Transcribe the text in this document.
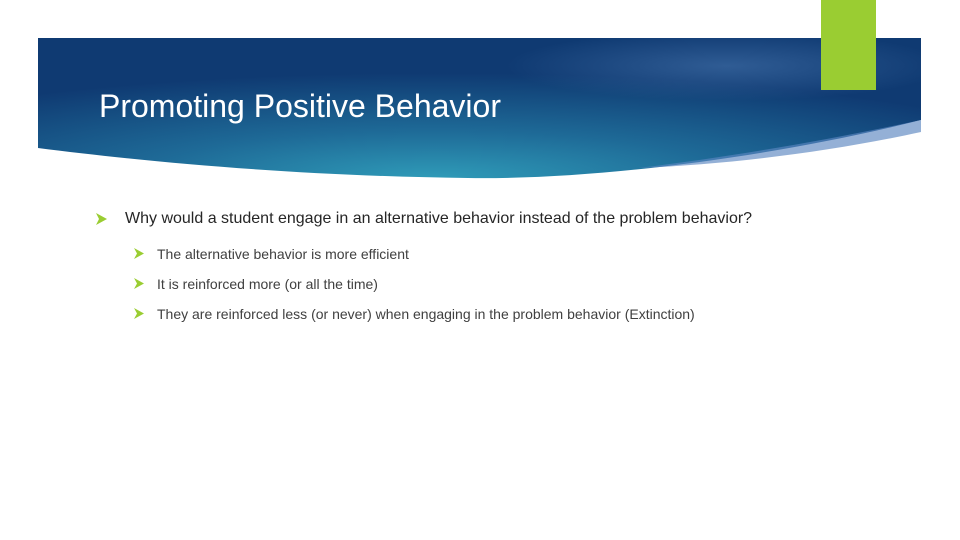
Promoting Positive Behavior
Why would a student engage in an alternative behavior instead of the problem behavior?
The alternative behavior is more efficient
It is reinforced more (or all the time)
They are reinforced less (or never) when engaging in the problem behavior (Extinction)
